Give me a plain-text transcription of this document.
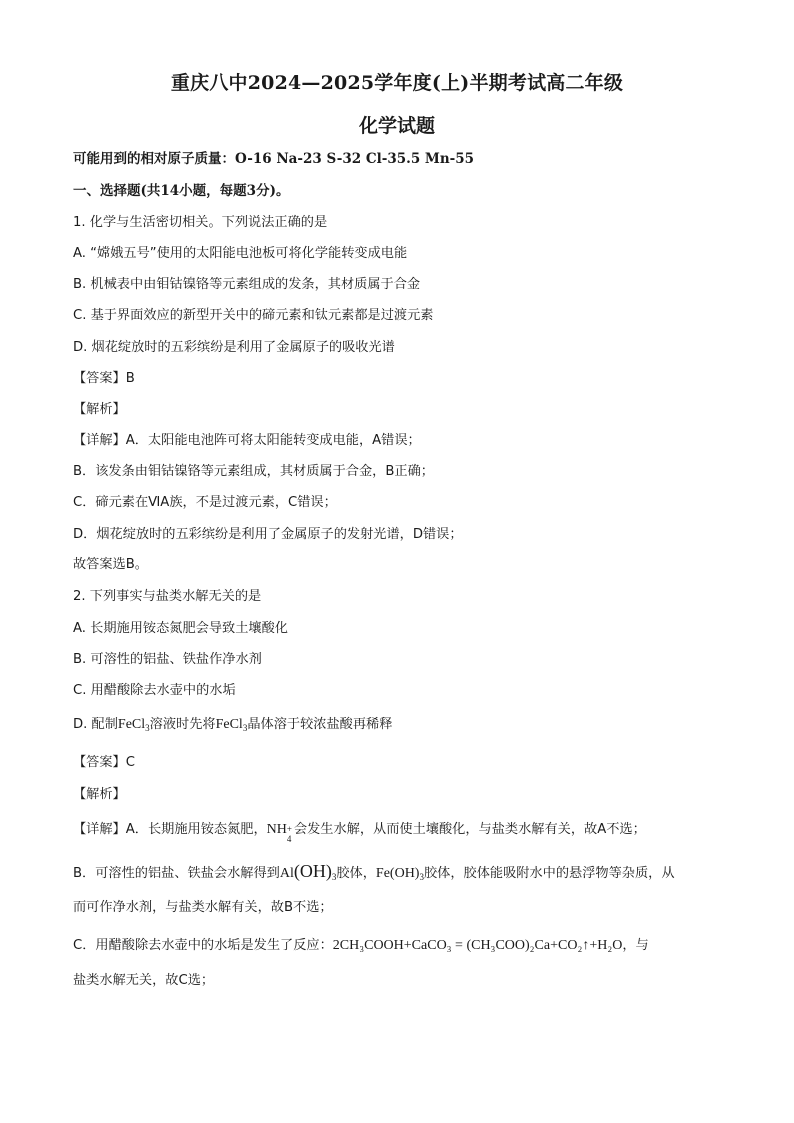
重庆八中2024—2025学年度(上)半期考试高二年级
化学试题
可能用到的相对原子质量：O-16 Na-23 S-32 Cl-35.5 Mn-55
一、选择题(共14小题，每题3分)。
1. 化学与生活密切相关。下列说法正确的是
A. “嫦娥五号”使用的太阳能电池板可将化学能转变成电能
B. 机械表中由钼钴镍铬等元素组成的发条，其材质属于合金
C. 基于界面效应的新型开关中的碲元素和钛元素都是过渡元素
D. 烟花绽放时的五彩缤纷是利用了金属原子的吸收光谱
【答案】B
【解析】
【详解】A．太阳能电池阵可将太阳能转变成电能，A错误；
B．该发条由钼钴镍铬等元素组成，其材质属于合金，B正确；
C．碲元素在ⅥA族，不是过渡元素，C错误；
D．烟花绽放时的五彩缤纷是利用了金属原子的发射光谱，D错误；
故答案选B。
2. 下列事实与盐类水解无关的是
A. 长期施用铵态氮肥会导致土壤酸化
B. 可溶性的铝盐、铁盐作净水剂
C. 用醋酸除去水壶中的水垢
D. 配制FeCl$_3$溶液时先将FeCl$_3$晶体溶于较浓盐酸再稀释
【答案】C
【解析】
【详解】A．长期施用铵态氮肥，NH +
4
会发生水解，从而使土壤酸化，与盐类水解有关，故A不选；
B．可溶性的铝盐、铁盐会水解得到$Al(OH)_3$胶体，$Fe(OH)_3$胶体，胶体能吸附水中的悬浮物等杂质，从
而可作净水剂，与盐类水解有关，故B不选；
C．用醋酸除去水壶中的水垢是发生了反应：2CH₃COOH+CaCO₃ = (CH₃COO)₂Ca+CO₂↑+H₂O，与
盐类水解无关，故C选；
